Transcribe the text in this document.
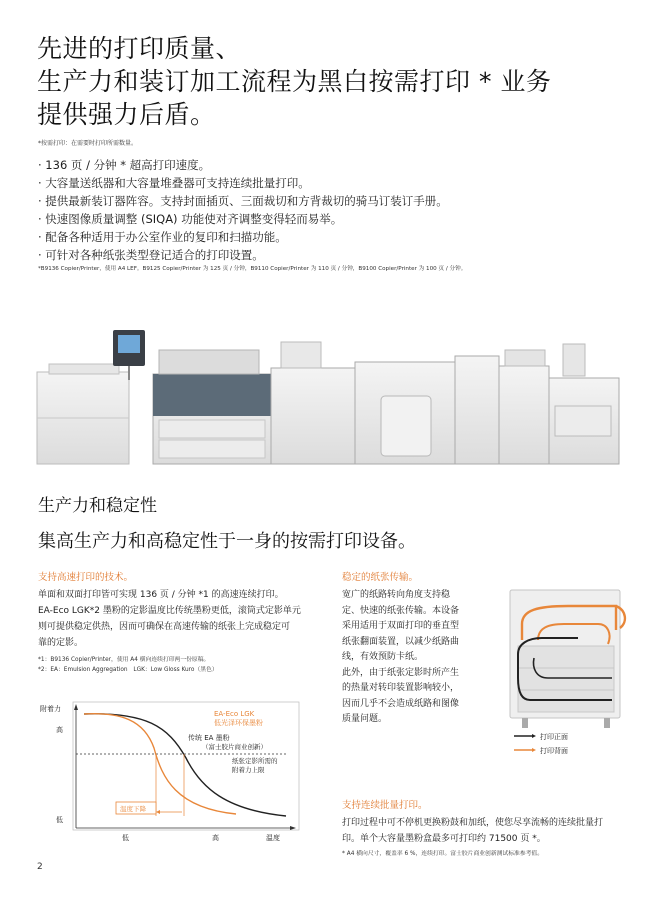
先进的打印质量、
生产力和装订加工流程为黑白按需打印 * 业务
提供强力后盾。
*按需打印：在需要时打印所需数量。
· 136 页 / 分钟 * 超高打印速度。
· 大容量送纸器和大容量堆叠器可支持连续批量打印。
· 提供最新装订器阵容。支持封面插页、三面裁切和方背裁切的骑马订装订手册。
· 快速图像质量调整 (SIQA) 功能使对齐调整变得轻而易举。
· 配备各种适用于办公室作业的复印和扫描功能。
· 可针对各种纸张类型登记适合的打印设置。
*B9136 Copier/Printer，使用 A4 LEF。B9125 Copier/Printer 为 125 页 / 分钟，B9110 Copier/Printer 为 110 页 / 分钟，B9100 Copier/Printer 为 100 页 / 分钟。
生产力和稳定性
集高生产力和高稳定性于一身的按需打印设备。
支持高速打印的技术。
单面和双面打印皆可实现 136 页 / 分钟 *1 的高速连续打印。
EA-Eco LGK*2 墨粉的定影温度比传统墨粉更低，滚筒式定影单元
则可提供稳定供热，因而可确保在高速传输的纸张上完成稳定可
靠的定影。
*1：B9136 Copier/Printer，使用 A4 横向连续打印两一份原稿。
*2：EA：Emulsion Aggregation　LGK：Low Gloss Kuro（黑色）
附着力
高
低
低	高	温度
EA-Eco LGK
低光泽环保墨粉
传统 EA 墨粉
（富士胶片商业创新）
纸张定影所需的
附着力上限
温度下降
稳定的纸张传输。
宽广的纸路转向角度支持稳
定、快速的纸张传输。本设备
采用适用于双面打印的垂直型
纸张翻面装置，以减少纸路曲
线，有效预防卡纸。
此外，由于纸张定影时所产生
的热量对转印装置影响较小，
因而几乎不会造成纸路和图像
质量问题。
打印正面
打印背面
支持连续批量打印。
打印过程中可不停机更换粉鼓和加纸，使您尽享流畅的连续批量打
印。单个大容量墨粉盒最多可打印约 71500 页 *。
* A4 横向尺寸，覆盖率 6 %，连续打印。富士胶片商业创新测试标准参考值。
2
